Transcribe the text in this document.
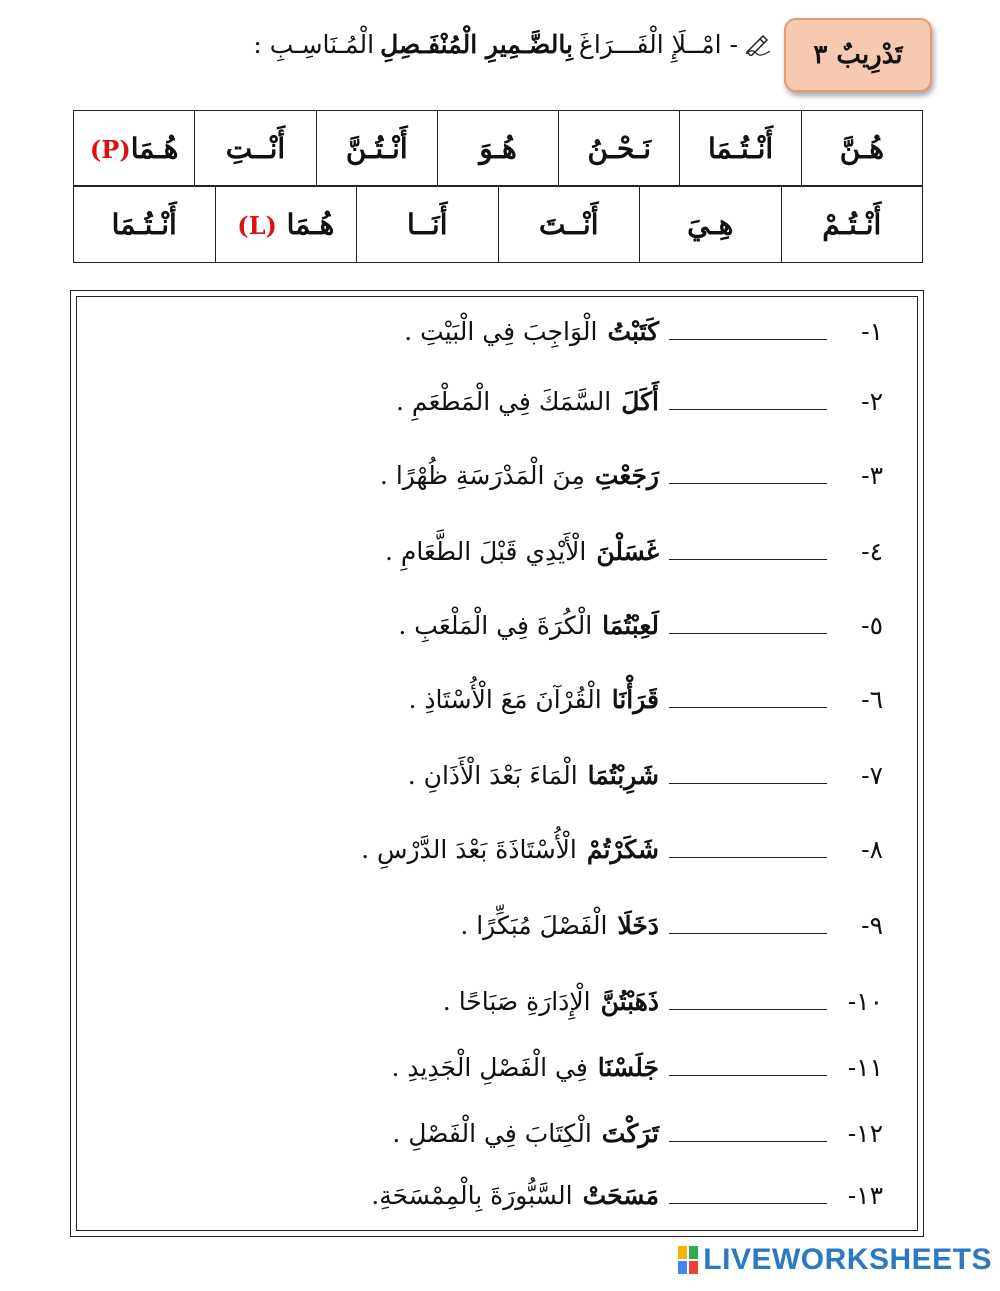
تَدْرِيبٌ ٣
- امْــلَإِ الْفَـــرَاغَ
بِالضَّـمِيرِ الْمُنْفَـصِلِ
الْمُـنَاسِـبِ :
هُـنَّ	أَنْـتُـمَا	نَـحْـنُ	هُـوَ	أَنْـتُـنَّ	أَنْــتِ	هُـمَا(P)
أَنْـتُـمْ	هِـيَ	أَنْــتَ	أَنَــا	هُـمَا (L)	أَنْـتُـمَا
١-
كَتَبْتُ
الْوَاجِبَ فِي الْبَيْتِ .
٢-
أَكَلَ
السَّمَكَ فِي الْمَطْعَمِ .
٣-
رَجَعْتِ
مِنَ الْمَدْرَسَةِ ظُهْرًا .
٤-
غَسَلْنَ
الْأَيْدِي قَبْلَ الطَّعَامِ .
٥-
لَعِبْتُمَا
الْكُرَةَ فِي الْمَلْعَبِ .
٦-
قَرَأْنَا
الْقُرْآنَ مَعَ الْأُسْتَاذِ .
٧-
شَرِبْتُمَا
الْمَاءَ بَعْدَ الْأَذَانِ .
٨-
شَكَرْتُمْ
الْأُسْتَاذَةَ بَعْدَ الدَّرْسِ .
٩-
دَخَلَا
الْفَصْلَ مُبَكِّرًا .
١٠-
ذَهَبْتُنَّ
الْإِدَارَةِ صَبَاحًا .
١١-
جَلَسْنَا
فِي الْفَصْلِ الْجَدِيدِ .
١٢-
تَرَكْتَ
الْكِتَابَ فِي الْفَصْلِ .
١٣-
مَسَحَتْ
السَّبُّورَةَ بِالْمِمْسَحَةِ.
LIVEWORKSHEETS
